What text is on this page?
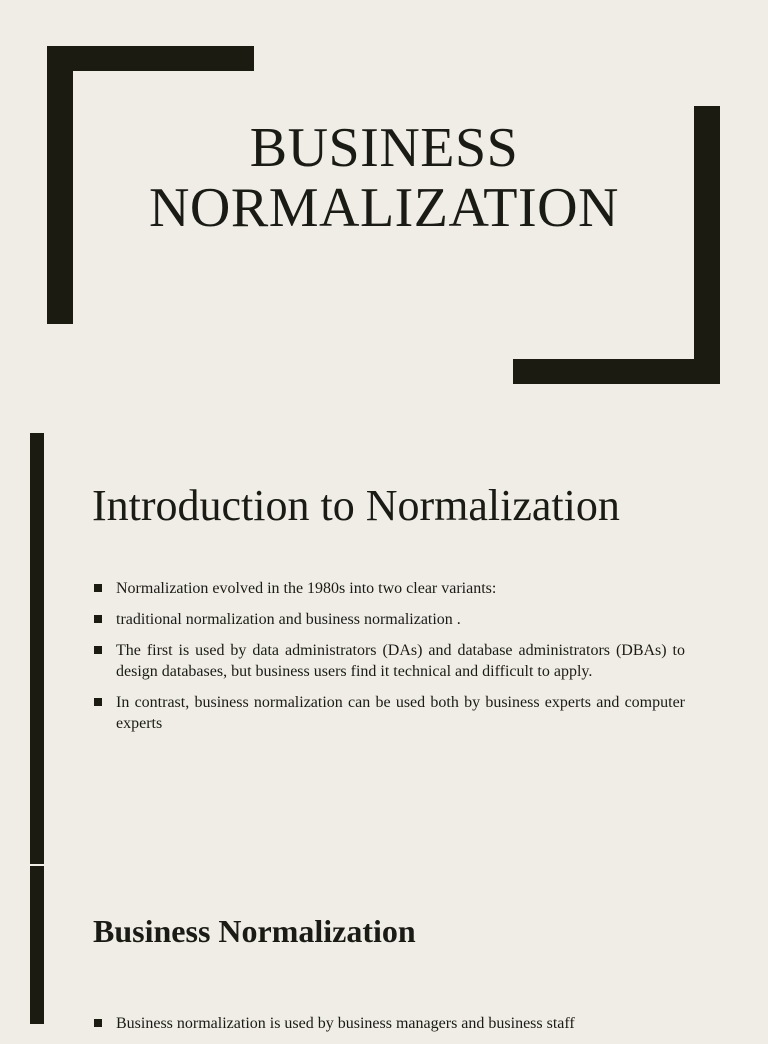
BUSINESS
NORMALIZATION
Introduction to Normalization
Normalization evolved in the 1980s into two clear variants:
traditional normalization and business normalization .
The first is used by data administrators (DAs) and database administrators (DBAs) to design databases, but business users find it technical and difficult to apply.
In contrast, business normalization can be used both by business experts and computer experts
Business Normalization
Business normalization is used by business managers and business staff
